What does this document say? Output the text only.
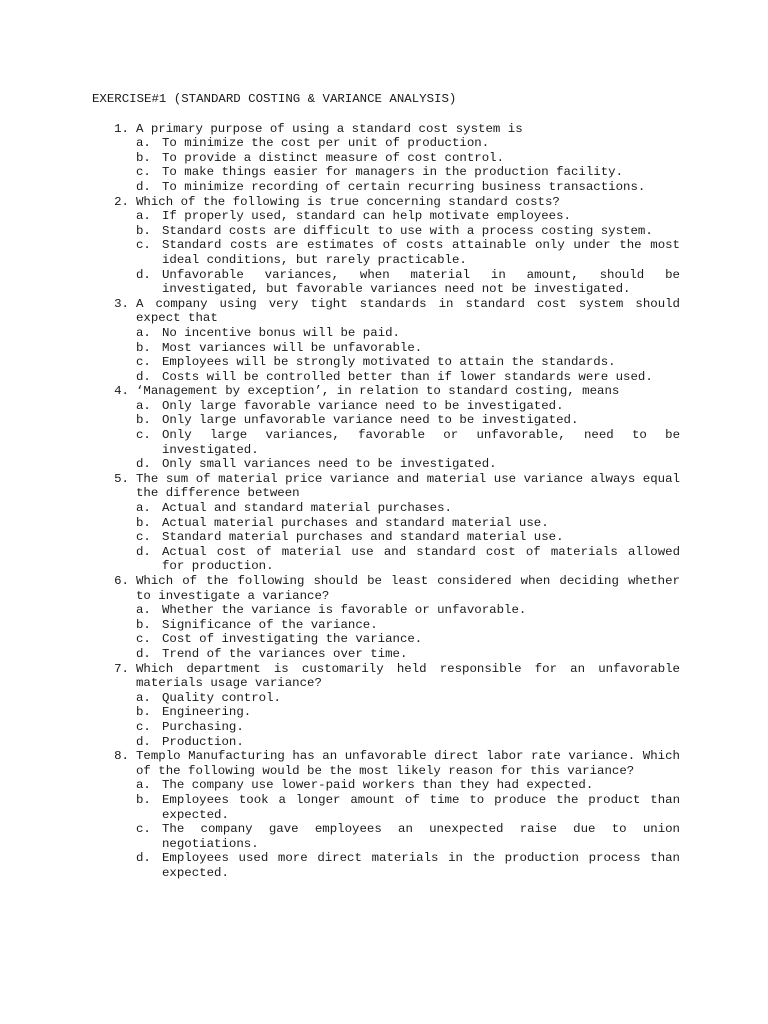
EXERCISE#1 (STANDARD COSTING & VARIANCE ANALYSIS)
1. A primary purpose of using a standard cost system is
a. To minimize the cost per unit of production.
b. To provide a distinct measure of cost control.
c. To make things easier for managers in the production facility.
d. To minimize recording of certain recurring business transactions.
2. Which of the following is true concerning standard costs?
a. If properly used, standard can help motivate employees.
b. Standard costs are difficult to use with a process costing system.
c. Standard costs are estimates of costs attainable only under the most ideal conditions, but rarely practicable.
d. Unfavorable variances, when material in amount, should be investigated, but favorable variances need not be investigated.
3. A company using very tight standards in standard cost system should expect that
a. No incentive bonus will be paid.
b. Most variances will be unfavorable.
c. Employees will be strongly motivated to attain the standards.
d. Costs will be controlled better than if lower standards were used.
4. ‘Management by exception’, in relation to standard costing, means
a. Only large favorable variance need to be investigated.
b. Only large unfavorable variance need to be investigated.
c. Only large variances, favorable or unfavorable, need to be investigated.
d. Only small variances need to be investigated.
5. The sum of material price variance and material use variance always equal the difference between
a. Actual and standard material purchases.
b. Actual material purchases and standard material use.
c. Standard material purchases and standard material use.
d. Actual cost of material use and standard cost of materials allowed for production.
6. Which of the following should be least considered when deciding whether to investigate a variance?
a. Whether the variance is favorable or unfavorable.
b. Significance of the variance.
c. Cost of investigating the variance.
d. Trend of the variances over time.
7. Which department is customarily held responsible for an unfavorable materials usage variance?
a. Quality control.
b. Engineering.
c. Purchasing.
d. Production.
8. Templo Manufacturing has an unfavorable direct labor rate variance. Which of the following would be the most likely reason for this variance?
a. The company use lower-paid workers than they had expected.
b. Employees took a longer amount of time to produce the product than expected.
c. The company gave employees an unexpected raise due to union negotiations.
d. Employees used more direct materials in the production process than expected.
